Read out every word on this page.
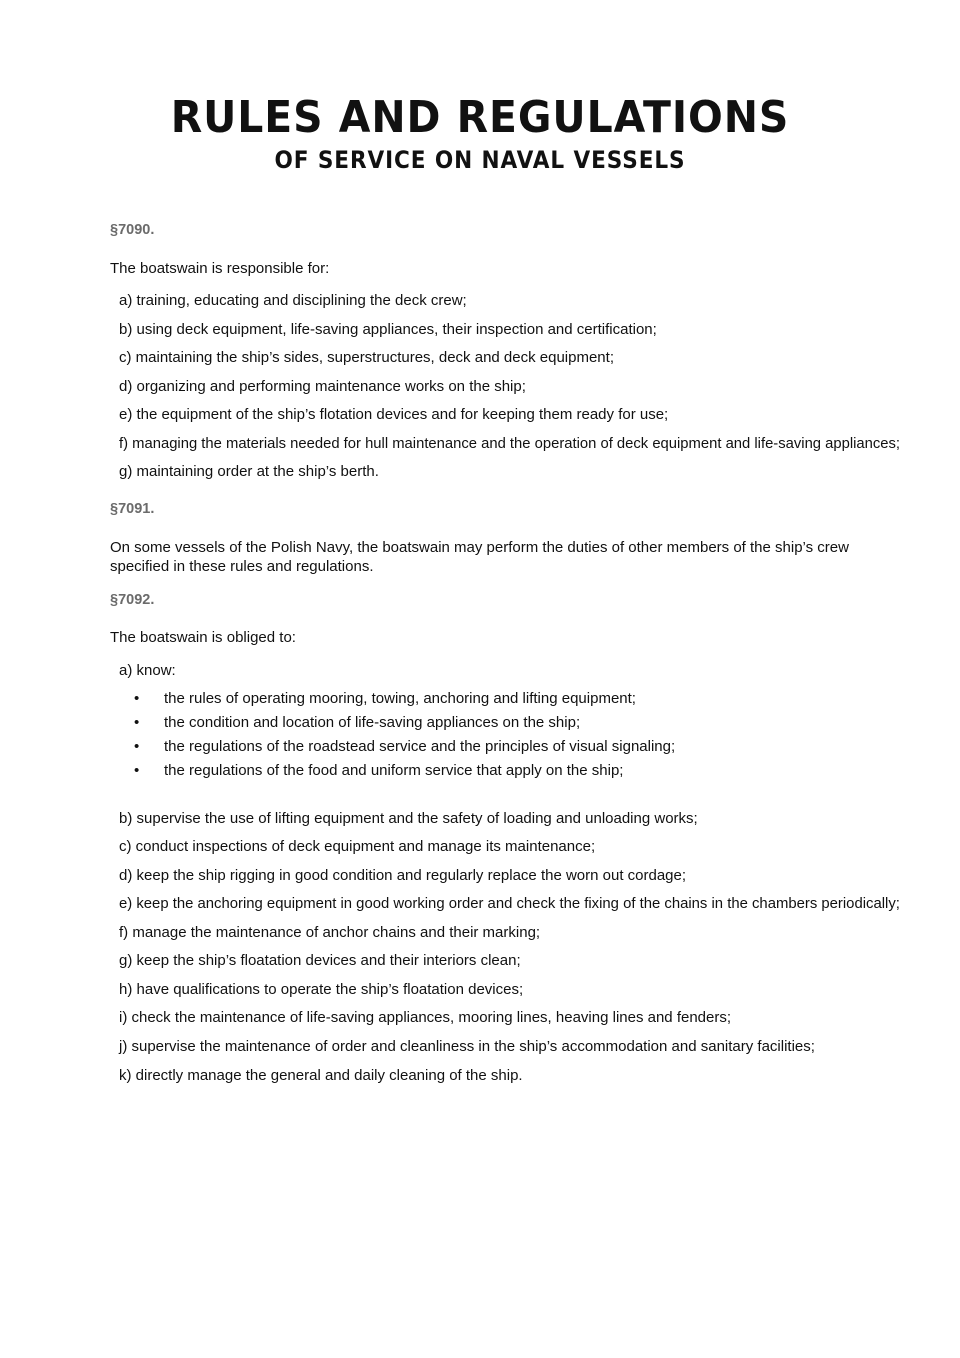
RULES AND REGULATIONS
OF SERVICE ON NAVAL VESSELS
§7090.
The boatswain is responsible for:
a) training, educating and disciplining the deck crew;
b) using deck equipment, life-saving appliances, their inspection and certification;
c) maintaining the ship’s sides, superstructures, deck and deck equipment;
d) organizing and performing maintenance works on the ship;
e) the equipment of the ship’s flotation devices and for keeping them ready for use;
f) managing the materials needed for hull maintenance and the operation of deck equipment and life-saving appliances;
g) maintaining order at the ship’s berth.
§7091.
On some vessels of the Polish Navy, the boatswain may perform the duties of other members of the ship’s crew specified in these rules and regulations.
§7092.
The boatswain is obliged to:
a) know:
•	the rules of operating mooring, towing, anchoring and lifting equipment;
•	the condition and location of life-saving appliances on the ship;
•	the regulations of the roadstead service and the principles of visual signaling;
•	the regulations of the food and uniform service that apply on the ship;
b) supervise the use of lifting equipment and the safety of loading and unloading works;
c) conduct inspections of deck equipment and manage its maintenance;
d) keep the ship rigging in good condition and regularly replace the worn out cordage;
e) keep the anchoring equipment in good working order and check the fixing of the chains in the chambers periodically;
f) manage the maintenance of anchor chains and their marking;
g) keep the ship’s floatation devices and their interiors clean;
h) have qualifications to operate the ship’s floatation devices;
i) check the maintenance of life-saving appliances, mooring lines, heaving lines and fenders;
j) supervise the maintenance of order and cleanliness in the ship’s accommodation and sanitary facilities;
k) directly manage the general and daily cleaning of the ship.
